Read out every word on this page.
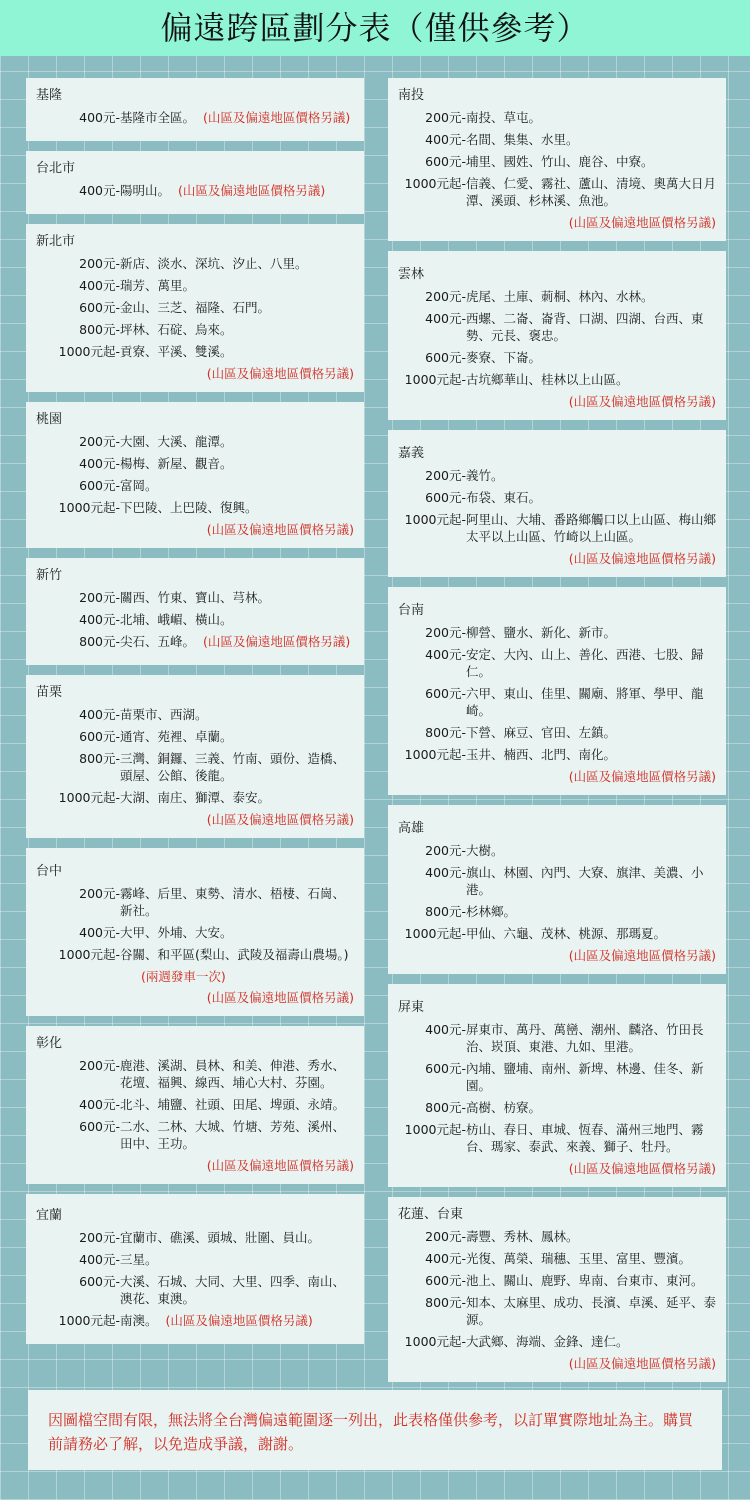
偏遠跨區劃分表（僅供參考）
基隆
400元- 基隆市全區。 (山區及偏遠地區價格另議)
台北市
400元- 陽明山。 (山區及偏遠地區價格另議)
新北市
200元- 新店、淡水、深坑、汐止、八里。
400元- 瑞芳、萬里。
600元- 金山、三芝、福隆、石門。
800元- 坪林、石碇、烏來。
1000元起- 貢寮、平溪、雙溪。
(山區及偏遠地區價格另議)
桃園
200元- 大園、大溪、龍潭。
400元- 楊梅、新屋、觀音。
600元- 富岡。
1000元起- 下巴陵、上巴陵、復興。
(山區及偏遠地區價格另議)
新竹
200元- 關西、竹東、寶山、芎林。
400元- 北埔、峨嵋、橫山。
800元- 尖石、五峰。 (山區及偏遠地區價格另議)
苗栗
400元- 苗栗市、西湖。
600元- 通宵、苑裡、卓蘭。
800元- 三灣、銅鑼、三義、竹南、頭份、造橋、頭屋、公館、後龍。
1000元起- 大湖、南庄、獅潭、泰安。
(山區及偏遠地區價格另議)
台中
200元- 霧峰、后里、東勢、清水、梧棲、石崗、新社。
400元- 大甲、外埔、大安。
1000元起- 谷關、和平區(梨山、武陵及福壽山農場。)
(兩週發車一次)
(山區及偏遠地區價格另議)
彰化
200元- 鹿港、溪湖、員林、和美、伸港、秀水、花壇、福興、線西、埔心大村、芬園。
400元- 北斗、埔鹽、社頭、田尾、埤頭、永靖。
600元- 二水、二林、大城、竹塘、芳苑、溪州、田中、王功。
(山區及偏遠地區價格另議)
宜蘭
200元- 宜蘭市、礁溪、頭城、壯圍、員山。
400元- 三星。
600元- 大溪、石城、大同、大里、四季、南山、澳花、東澳。
1000元起- 南澳。 (山區及偏遠地區價格另議)
南投
200元- 南投、草屯。
400元- 名間、集集、水里。
600元- 埔里、國姓、竹山、鹿谷、中寮。
1000元起- 信義、仁愛、霧社、蘆山、清境、奧萬大日月潭、溪頭、杉林溪、魚池。
(山區及偏遠地區價格另議)
雲林
200元- 虎尾、土庫、莿桐、林內、水林。
400元- 西螺、二崙、崙背、口湖、四湖、台西、東勢、元長、褒忠。
600元- 麥寮、下崙。
1000元起- 古坑鄉華山、桂林以上山區。
(山區及偏遠地區價格另議)
嘉義
200元- 義竹。
600元- 布袋、東石。
1000元起- 阿里山、大埔、番路鄉觸口以上山區、梅山鄉太平以上山區、竹崎以上山區。
(山區及偏遠地區價格另議)
台南
200元- 柳營、鹽水、新化、新市。
400元- 安定、大內、山上、善化、西港、七股、歸仁。
600元- 六甲、東山、佳里、關廟、將軍、學甲、龍崎。
800元- 下營、麻豆、官田、左鎮。
1000元起- 玉井、楠西、北門、南化。
(山區及偏遠地區價格另議)
高雄
200元- 大樹。
400元- 旗山、林園、內門、大寮、旗津、美濃、小港。
800元- 杉林鄉。
1000元起- 甲仙、六龜、茂林、桃源、那瑪夏。
(山區及偏遠地區價格另議)
屏東
400元- 屏東市、萬丹、萬巒、潮州、麟洛、竹田長治、崁頂、東港、九如、里港。
600元- 內埔、鹽埔、南州、新埤、林邊、佳冬、新園。
800元- 高樹、枋寮。
1000元起- 枋山、春日、車城、恆春、滿州三地門、霧台、瑪家、泰武、來義、獅子、牡丹。
(山區及偏遠地區價格另議)
花蓮、台東
200元- 壽豐、秀林、鳳林。
400元- 光復、萬榮、瑞穗、玉里、富里、豐濱。
600元- 池上、關山、鹿野、卑南、台東市、東河。
800元- 知本、太麻里、成功、長濱、卓溪、延平、泰源。
1000元起- 大武鄉、海端、金鋒、達仁。
(山區及偏遠地區價格另議)
因圖檔空間有限，無法將全台灣偏遠範圍逐一列出，此表格僅供參考，以訂單實際地址為主。購買前請務必了解，以免造成爭議，謝謝。
